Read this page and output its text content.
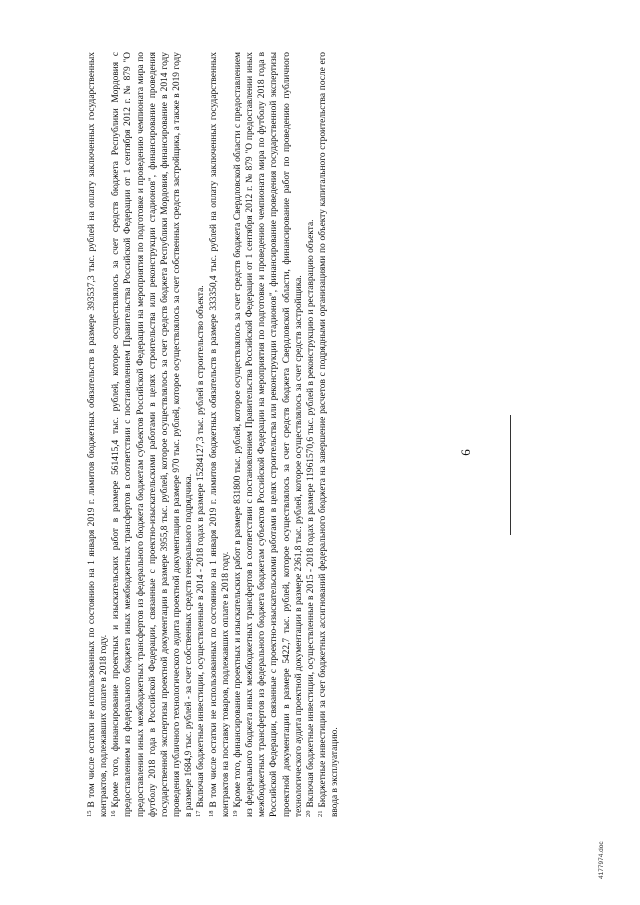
6

$^{15}$В том числе остатки не использованных по состоянию на 1 января 2019 г. лимитов бюджетных обязательств в размере 393537,3 тыс. рублей на оплату заключенных государственных контрактов, подлежавших оплате в 2018 году. $^{16}$Кроме того, финансирование проектных и изыскательских работ в размере 561415,4 тыс. рублей, которое осуществлялось за счет средств бюджета Республики Мордовия с предоставлением из федерального бюджета иных межбюджетных трансфертов в соответствии с постановлением Правительства Российской Федерации от 1 сентября 2012 г. № 879 "О предоставлении иных межбюджетных трансфертов из федерального бюджета бюджетам субъектов Российской Федерации на мероприятия по подготовке и проведению чемпионата мира по футболу 2018 года в Российской Федерации, связанные с проектно-изыскательскими работами в целях строительства или реконструкции стадионов", финансирование проведения государственной экспертизы проектной документации в размере 3955,8 тыс. рублей, которое осуществлялось за счет средств бюджета Республики Мордовия, финансирование в 2014 году проведения публичного технологического аудита проектной документации в размере 970 тыс. рублей, которое осуществлялось за счет собственных средств застройщика, а также в 2019 году в размере 1684,9 тыс. рублей - за счет собственных средств генерального подрядчика. $^{17}$Включая бюджетные инвестиции, осуществленные в 2014 - 2018 годах в размере 15284127,3 тыс. рублей в строительство объекта.

$^{18}$В том числе остатки не использованных по состоянию на 1 января 2019 г. лимитов бюджетных обязательств в размере 333350,4 тыс. рублей на оплату заключенных государственных контрактов на поставку товаров, подлежавших оплате в 2018 году. $^{19}$Кроме того, финансирование проектных и изыскательских работ в размере 831800 тыс. рублей, которое осуществлялось за счет средств бюджета Свердловской области с предоставлением из федерального бюджета иных межбюджетных трансфертов в соответствии с постановлением Правительства Российской Федерации от 1 сентября 2012 г. № 879 "О предоставлении иных межбюджетных трансфертов из федерального бюджета бюджетам субъектов Российской Федерации на мероприятия по подготовке и проведению чемпионата мира по футболу 2018 года в Российской Федерации, связанные с проектно-изыскательскими работами в целях строительства или реконструкции стадионов", финансирование проведения государственной экспертизы проектной документации в размере 5422,7 тыс. рублей, которое осуществлялось за счет средств бюджета Свердловской области, финансирование работ по проведению публичного технологического аудита проектной документации в размере 2361,8 тыс. рублей, которое осуществлялось за счет средств застройщика. $^{20}$Включая бюджетные инвестиции, осуществленные в 2015 - 2018 годах в размере 11961570,6 тыс. рублей в реконструкцию и реставрацию объекта.

$^{21}$Бюджетные инвестиции за счет бюджетных ассигнований федерального бюджета на завершение расчетов с подрядными организациями по объекту капитального строительства после его ввода в эксплуатацию.

4177974.doc
